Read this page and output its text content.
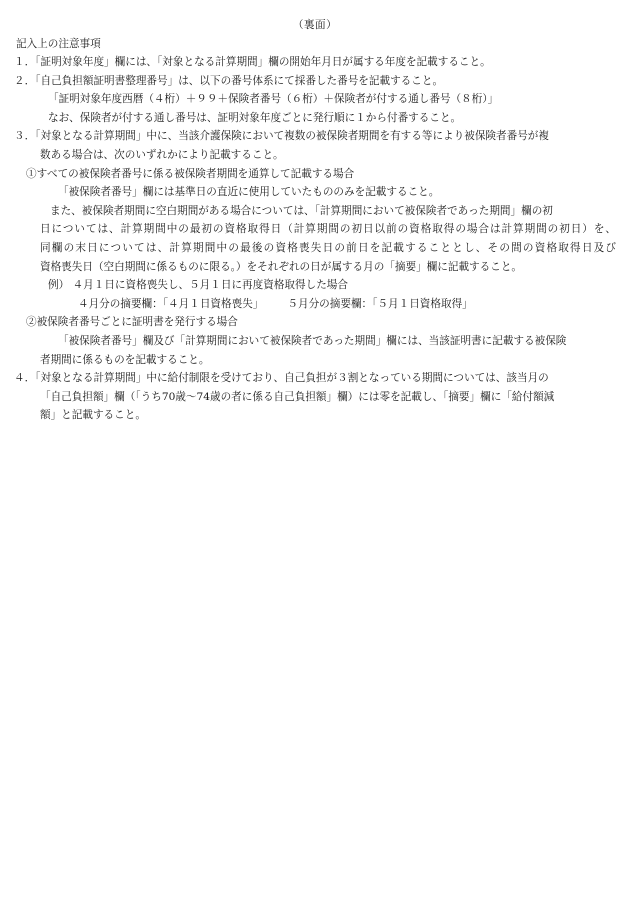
（裏面）
記入上の注意事項
１．「証明対象年度」欄には、「対象となる計算期間」欄の開始年月日が属する年度を記載すること。
２．「自己負担額証明書整理番号」は、以下の番号体系にて採番した番号を記載すること。
「証明対象年度西暦（４桁）＋９９＋保険者番号（６桁）＋保険者が付する通し番号（８桁）」
なお、保険者が付する通し番号は、証明対象年度ごとに発行順に１から付番すること。
３．「対象となる計算期間」中に、当該介護保険において複数の被保険者期間を有する等により被保険者番号が複
数ある場合は、次のいずれかにより記載すること。
①すべての被保険者番号に係る被保険者期間を通算して記載する場合
「被保険者番号」欄には基準日の直近に使用していたもののみを記載すること。
また、被保険者期間に空白期間がある場合については、「計算期間において被保険者であった期間」欄の初
日については、計算期間中の最初の資格取得日（計算期間の初日以前の資格取得の場合は計算期間の初日）を、
同欄の末日については、計算期間中の最後の資格喪失日の前日を記載することとし、その間の資格取得日及び
資格喪失日（空白期間に係るものに限る。）をそれぞれの日が属する月の「摘要」欄に記載すること。
例） ４月１日に資格喪失し、５月１日に再度資格取得した場合
４月分の摘要欄：「４月１日資格喪失」 ５月分の摘要欄：「５月１日資格取得」
②被保険者番号ごとに証明書を発行する場合
「被保険者番号」欄及び「計算期間において被保険者であった期間」欄には、当該証明書に記載する被保険
者期間に係るものを記載すること。
４．「対象となる計算期間」中に給付制限を受けており、自己負担が３割となっている期間については、該当月の
「自己負担額」欄（「うち70歳～74歳の者に係る自己負担額」欄）には零を記載し、「摘要」欄に「給付額減
額」と記載すること。
